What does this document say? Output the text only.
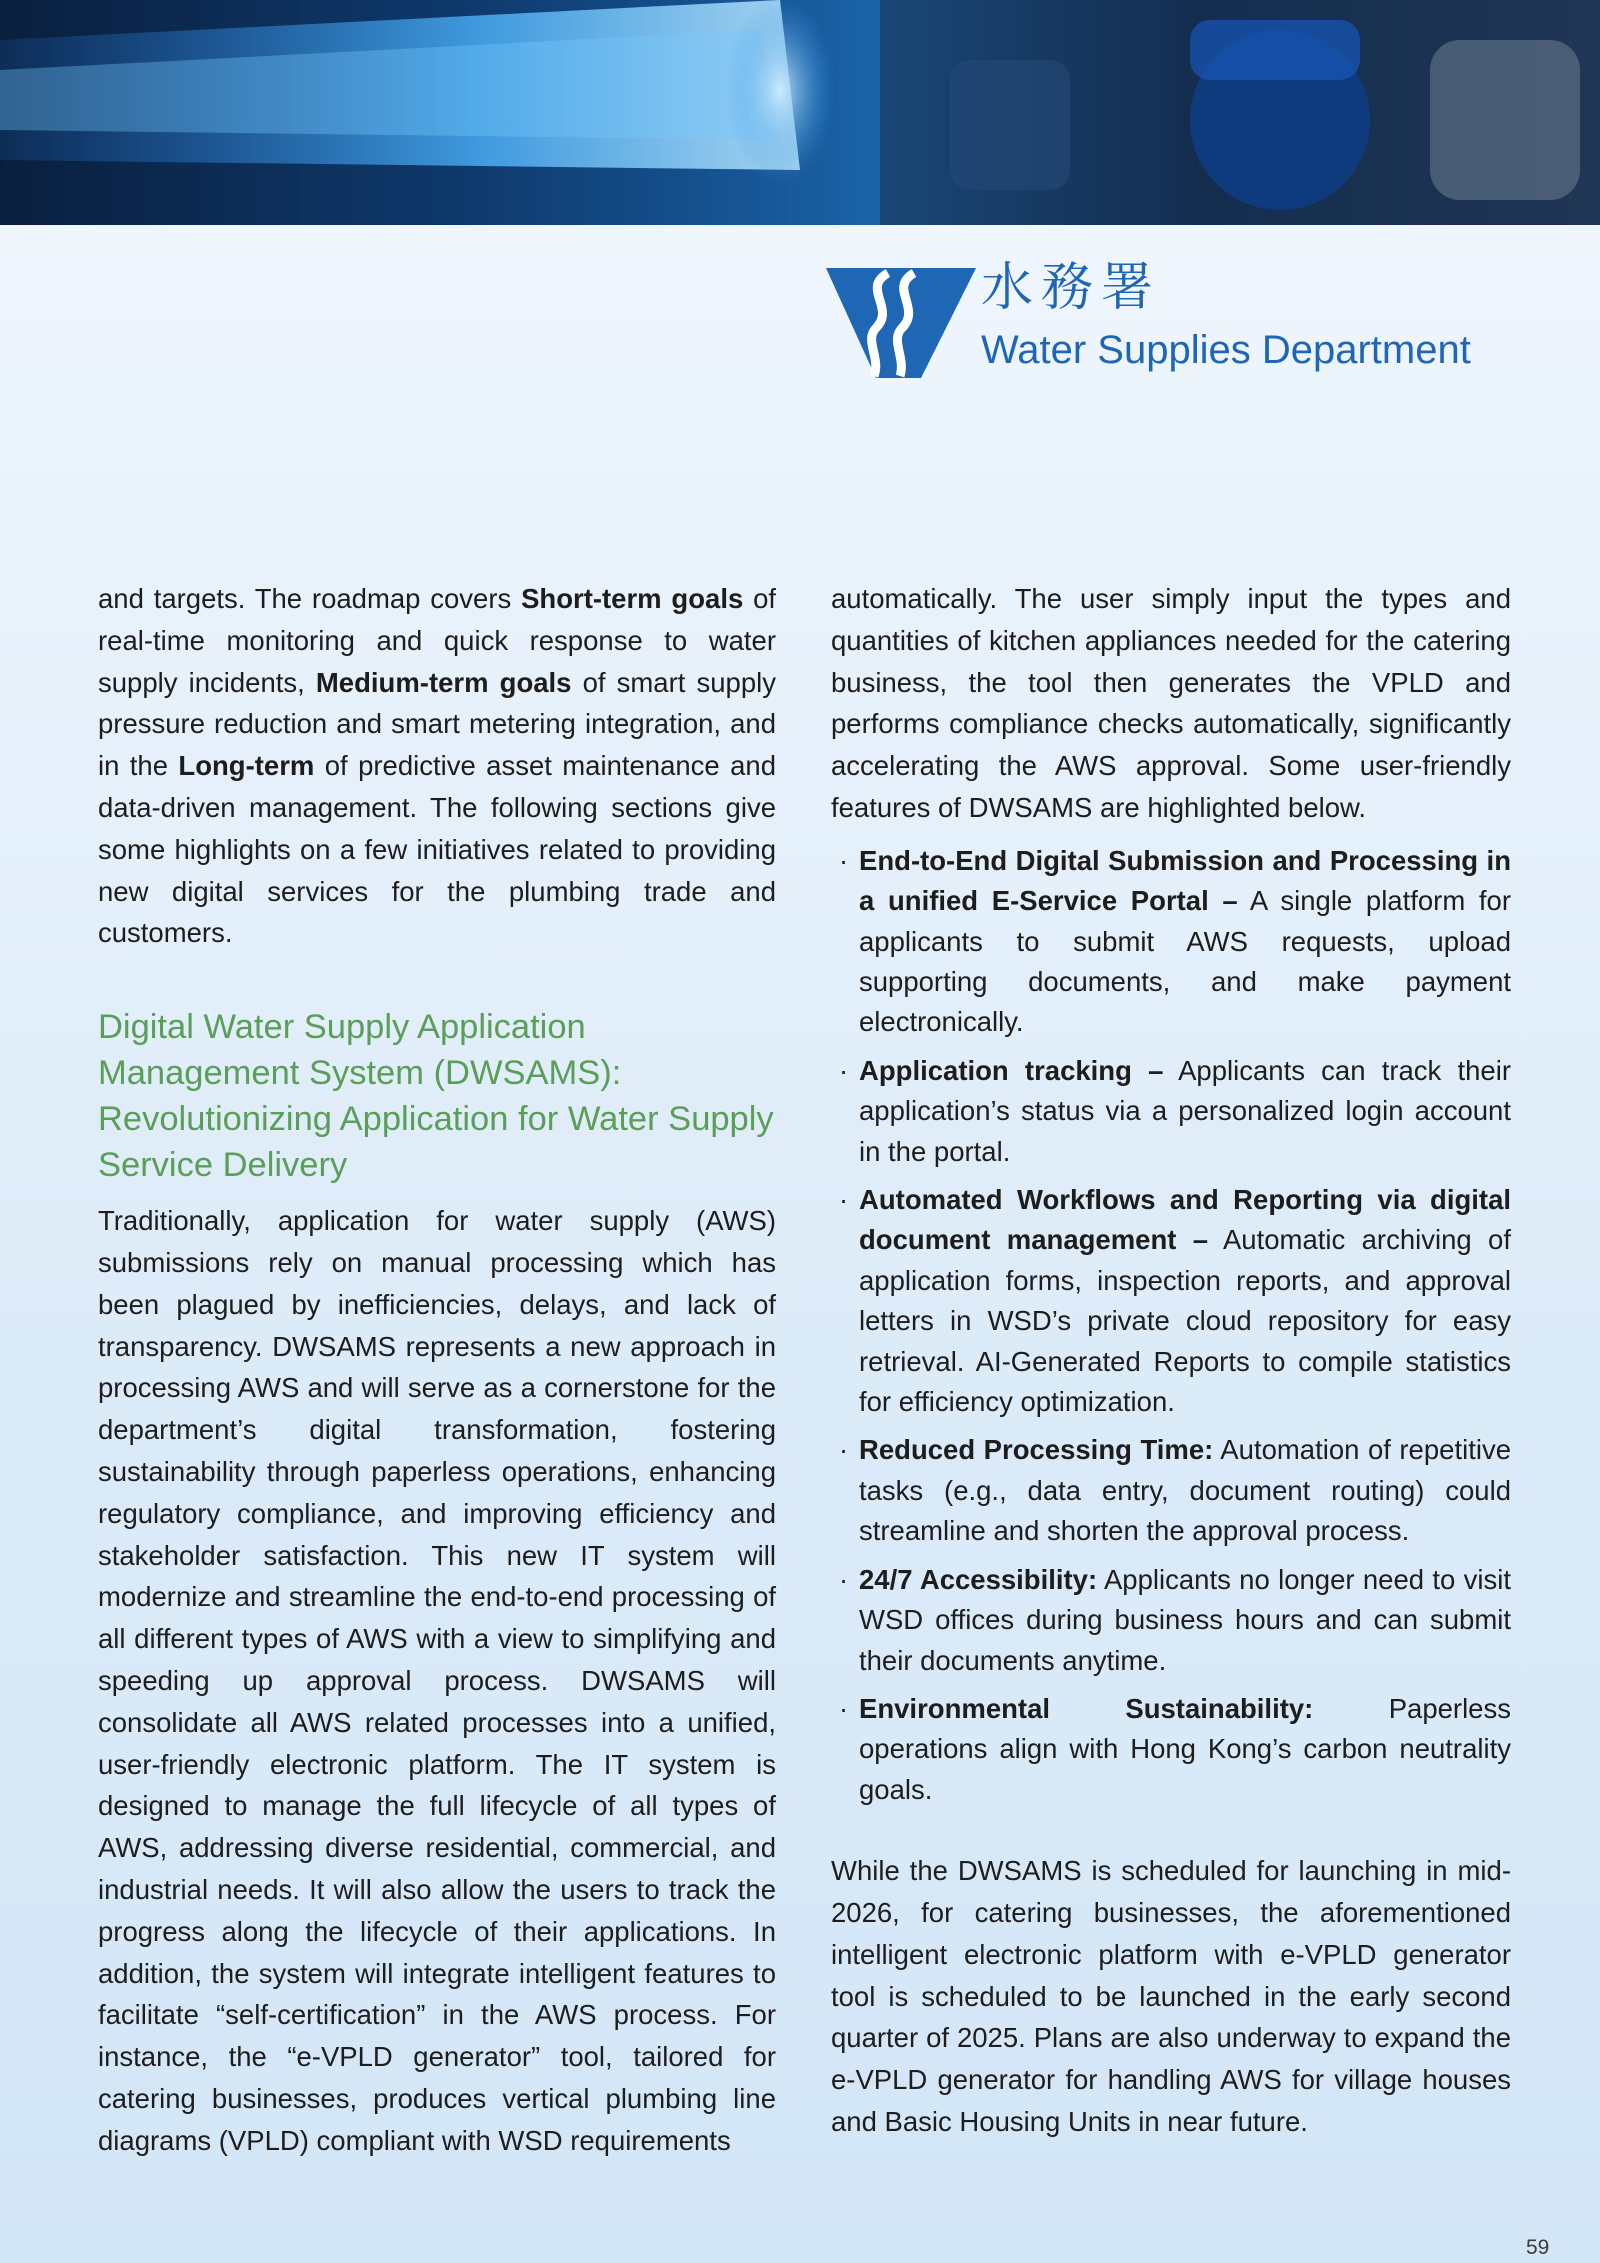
水務署
Water Supplies Department

and targets. The roadmap covers Short-term goals of real-time monitoring and quick response to water supply incidents, Medium-term goals of smart supply pressure reduction and smart metering integration, and in the Long-term of predictive asset maintenance and data-driven management. The following sections give some highlights on a few initiatives related to providing new digital services for the plumbing trade and customers.

Digital Water Supply Application Management System (DWSAMS): Revolutionizing Application for Water Supply Service Delivery

Traditionally, application for water supply (AWS) submissions rely on manual processing which has been plagued by inefficiencies, delays, and lack of transparency. DWSAMS represents a new approach in processing AWS and will serve as a cornerstone for the department’s digital transformation, fostering sustainability through paperless operations, enhancing regulatory compliance, and improving efficiency and stakeholder satisfaction. This new IT system will modernize and streamline the end-to-end processing of all different types of AWS with a view to simplifying and speeding up approval process. DWSAMS will consolidate all AWS related processes into a unified, user-friendly electronic platform. The IT system is designed to manage the full lifecycle of all types of AWS, addressing diverse residential, commercial, and industrial needs. It will also allow the users to track the progress along the lifecycle of their applications. In addition, the system will integrate intelligent features to facilitate “self-certification” in the AWS process. For instance, the “e-VPLD generator” tool, tailored for catering businesses, produces vertical plumbing line diagrams (VPLD) compliant with WSD requirements

automatically. The user simply input the types and quantities of kitchen appliances needed for the catering business, the tool then generates the VPLD and performs compliance checks automatically, significantly accelerating the AWS approval. Some user-friendly features of DWSAMS are highlighted below.

· End-to-End Digital Submission and Processing in a unified E-Service Portal – A single platform for applicants to submit AWS requests, upload supporting documents, and make payment electronically.
· Application tracking – Applicants can track their application’s status via a personalized login account in the portal.
· Automated Workflows and Reporting via digital document management – Automatic archiving of application forms, inspection reports, and approval letters in WSD’s private cloud repository for easy retrieval. AI-Generated Reports to compile statistics for efficiency optimization.
· Reduced Processing Time: Automation of repetitive tasks (e.g., data entry, document routing) could streamline and shorten the approval process.
· 24/7 Accessibility: Applicants no longer need to visit WSD offices during business hours and can submit their documents anytime.
· Environmental Sustainability: Paperless operations align with Hong Kong’s carbon neutrality goals.

While the DWSAMS is scheduled for launching in mid-2026, for catering businesses, the aforementioned intelligent electronic platform with e-VPLD generator tool is scheduled to be launched in the early second quarter of 2025. Plans are also underway to expand the e-VPLD generator for handling AWS for village houses and Basic Housing Units in near future.

59
